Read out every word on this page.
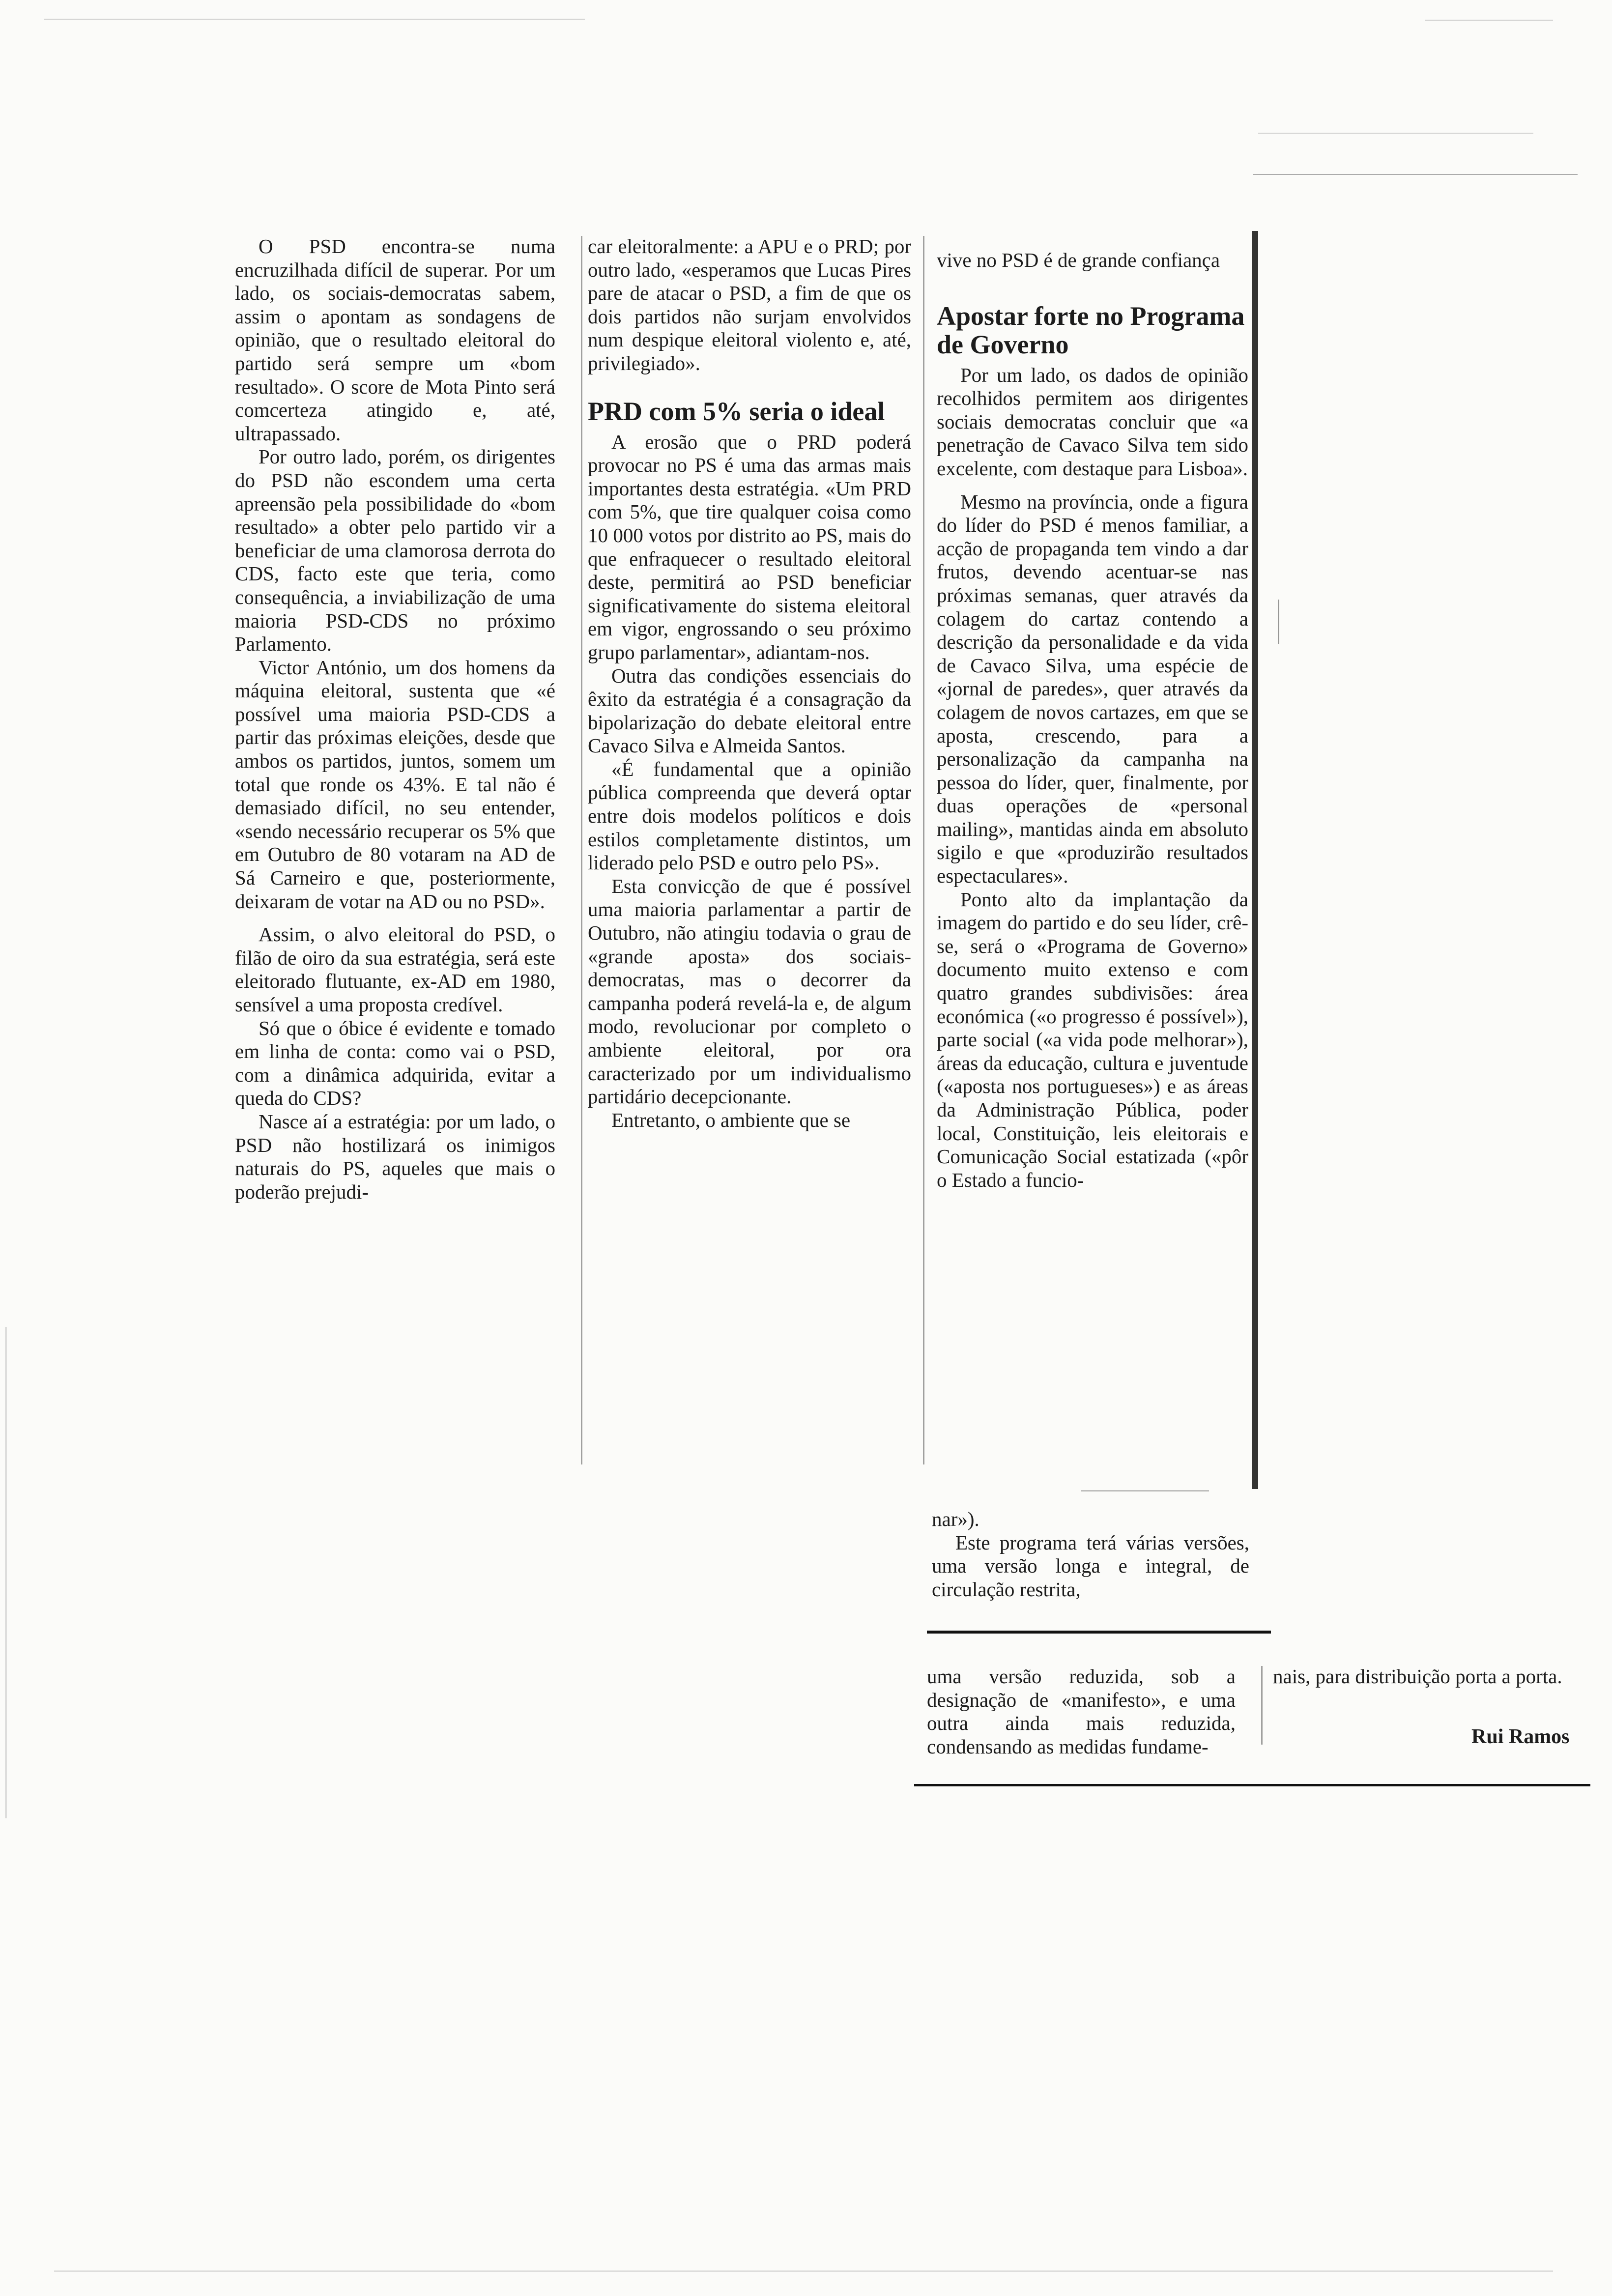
O PSD encontra-se numa encruzilhada difícil de superar. Por um lado, os sociais-democratas sabem, assim o apontam as sondagens de opinião, que o resultado eleitoral do partido será sempre um «bom resultado». O score de Mota Pinto será comcerteza atingido e, até, ultrapassado.

Por outro lado, porém, os dirigentes do PSD não escondem uma certa apreensão pela possibilidade do «bom resultado» a obter pelo partido vir a beneficiar de uma clamorosa derrota do CDS, facto este que teria, como consequência, a inviabilização de uma maioria PSD-CDS no próximo Parlamento.

Victor António, um dos homens da máquina eleitoral, sustenta que «é possível uma maioria PSD-CDS a partir das próximas eleições, desde que ambos os partidos, juntos, somem um total que ronde os 43%. E tal não é demasiado difícil, no seu entender, «sendo necessário recuperar os 5% que em Outubro de 80 votaram na AD de Sá Carneiro e que, posteriormente, deixaram de votar na AD ou no PSD».

Assim, o alvo eleitoral do PSD, o filão de oiro da sua estratégia, será este eleitorado flutuante, ex-AD em 1980, sensível a uma proposta credível.

Só que o óbice é evidente e tomado em linha de conta: como vai o PSD, com a dinâmica adquirida, evitar a queda do CDS?

Nasce aí a estratégia: por um lado, o PSD não hostilizará os inimigos naturais do PS, aqueles que mais o poderão prejudi-

car eleitoralmente: a APU e o PRD; por outro lado, «esperamos que Lucas Pires pare de atacar o PSD, a fim de que os dois partidos não surjam envolvidos num despique eleitoral violento e, até, privilegiado».

PRD com 5% seria o ideal

A erosão que o PRD poderá provocar no PS é uma das armas mais importantes desta estratégia. «Um PRD com 5%, que tire qualquer coisa como 10 000 votos por distrito ao PS, mais do que enfraquecer o resultado eleitoral deste, permitirá ao PSD beneficiar significativamente do sistema eleitoral em vigor, engrossando o seu próximo grupo parlamentar», adiantam-nos.

Outra das condições essenciais do êxito da estratégia é a consagração da bipolarização do debate eleitoral entre Cavaco Silva e Almeida Santos.

«É fundamental que a opinião pública compreenda que deverá optar entre dois modelos políticos e dois estilos completamente distintos, um liderado pelo PSD e outro pelo PS».

Esta convicção de que é possível uma maioria parlamentar a partir de Outubro, não atingiu todavia o grau de «grande aposta» dos sociais-democratas, mas o decorrer da campanha poderá revelá-la e, de algum modo, revolucionar por completo o ambiente eleitoral, por ora caracterizado por um individualismo partidário decepcionante.

Entretanto, o ambiente que se

vive no PSD é de grande confiança

Apostar forte no Programa de Governo

Por um lado, os dados de opinião recolhidos permitem aos dirigentes sociais democratas concluir que «a penetração de Cavaco Silva tem sido excelente, com destaque para Lisboa».

Mesmo na província, onde a figura do líder do PSD é menos familiar, a acção de propaganda tem vindo a dar frutos, devendo acentuar-se nas próximas semanas, quer através da colagem do cartaz contendo a descrição da personalidade e da vida de Cavaco Silva, uma espécie de «jornal de paredes», quer através da colagem de novos cartazes, em que se aposta, crescendo, para a personalização da campanha na pessoa do líder, quer, finalmente, por duas operações de «personal mailing», mantidas ainda em absoluto sigilo e que «produzirão resultados espectaculares».

Ponto alto da implantação da imagem do partido e do seu líder, crê-se, será o «Programa de Governo» documento muito extenso e com quatro grandes subdivisões: área económica («o progresso é possível»), parte social («a vida pode melhorar»), áreas da educação, cultura e juventude («aposta nos portugueses») e as áreas da Administração Pública, poder local, Constituição, leis eleitorais e Comunicação Social estatizada («pôr o Estado a funcio-

nar»).

Este programa terá várias versões, uma versão longa e integral, de circulação restrita,

uma versão reduzida, sob a designação de «manifesto», e uma outra ainda mais reduzida, condensando as medidas fundame-

nais, para distribuição porta a porta.

Rui Ramos
